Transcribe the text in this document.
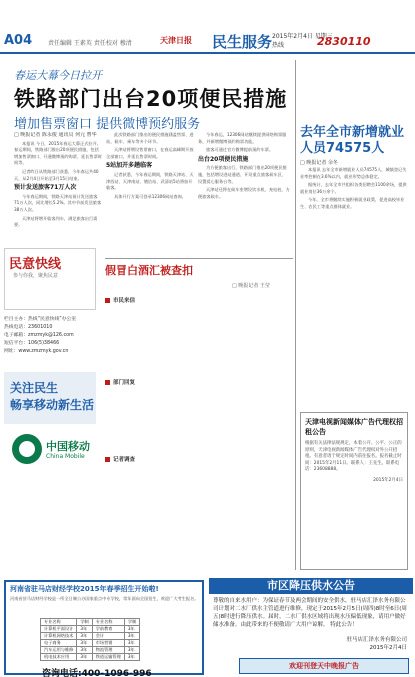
A04	责任编辑 王素英 责任校对 穆清	天津日报 民生服务 2015年2月4日 星期三
热线	2830110
春运大幕今日拉开
铁路部门出台20项便民措施
增加售票窗口 提供微博预约服务
□ 晚报记者 陈永俊 通讯员 何元 曹华

本报讯 今日，2015年春运大幕正式拉开。春运期间，铁路部门推出20项便民措施，包括增加售票窗口、开通微博预约购票、延长售票时间等。

记者昨日从铁路部门获悉，今年春运共40天，从2月4日开始至3月15日结束。

预计发送旅客71万人次

今年春运期间，铁路天津站预计发送旅客71万人次，同比增长5.2%。其中节前发送旅客38万人次。

天津站将增开临客列车，满足旅客出行需要。

此次铁路部门推出的便民措施涵盖售票、进站、候车、乘车等多个环节。

天津站将增设售票窗口，在春运高峰期开放全部窗口，并延长售票时间。

5站加开多趟临客

记者获悉，今年春运期间，铁路天津站、天津西站、天津南站、塘沽站、武清站5站将加开临客。

具体开行方案可登录12306网站查询。

今年春运，12306网站继续提供网络购票服务，并新增微博预约购票功能。

旅客可通过官方微博提前预约车票。

出台20项便民措施

为方便旅客出行，铁路部门推出20项便民措施，包括增设进站通道、开设重点旅客候车区、设置爱心服务台等。

天津站还将在候车室增设饮水机、充电桩，方便旅客候车。

去年全市新增就业人员74575人
□ 晚报记者 余冬

本报讯 去年全市新增就业人员74575人，城镇登记失业率控制在3.6%以内，就业形势总体稳定。

据统计，去年全市共组织各类招聘会1100余场，提供就业岗位36万余个。

今年，全市将继续实施积极就业政策，促进高校毕业生、农民工等重点群体就业。

民意快线
参与你我，聚焦民意
栏目主办：热线“民意快线”办公室
热线电话：23601010
电子邮箱：zmzmyk@126.com
短信平台：106(5)38466
网址：www.zmzmyk.gov.cn
关注民生
畅享移动新生活
中国移动
China Mobile
假冒白酒汇被查扣
□ 晚报记者 王莹
市民来信
部门回复
记者调查
天津电视新闻媒体广告代理权招租公告
根据有关法律法规规定，本着公开、公平、公正的原则，天津电视新闻媒体广告代理权对外公开招租。有意者请于规定时间内前往报名。报名截止时间：2015年2月11日。联系人：王先生。联系电话：23608888。
2015年2月4日
河南省驻马店财经学校2015年春季招生开始啦!
河南省驻马店财经学校是一所全日制公办国家重点中专学校，常年面向全国招生，欢迎广大考生报名。
专业名称	学制	专业名称	学制
计算机平面设计	3年	学前教育	3年
计算机网络技术	3年	会计	3年
电子商务	3年	市场营销	3年
汽车运用与维修	3年	物流管理	3年
机电技术应用	3年	铁道运输管理	3年
咨询电话:400-1096-996
市区降压供水公告
尊敬的自来水用户：为保证春节及两会期间的安全供水，驻马店汇泽水务有限公司计划对二水厂供水主管道进行维修，现定于2015年2月5日(周四)8时至6日(周五)8时进行降压供水。届时，二水厂供水区域将出现水压偏低现象，请用户做好储水准备。由此带来的不便敬请广大用户谅解。 特此公告！
驻马店汇泽水务有限公司
2015年2月4日
欢迎刊登天中晚报广告
